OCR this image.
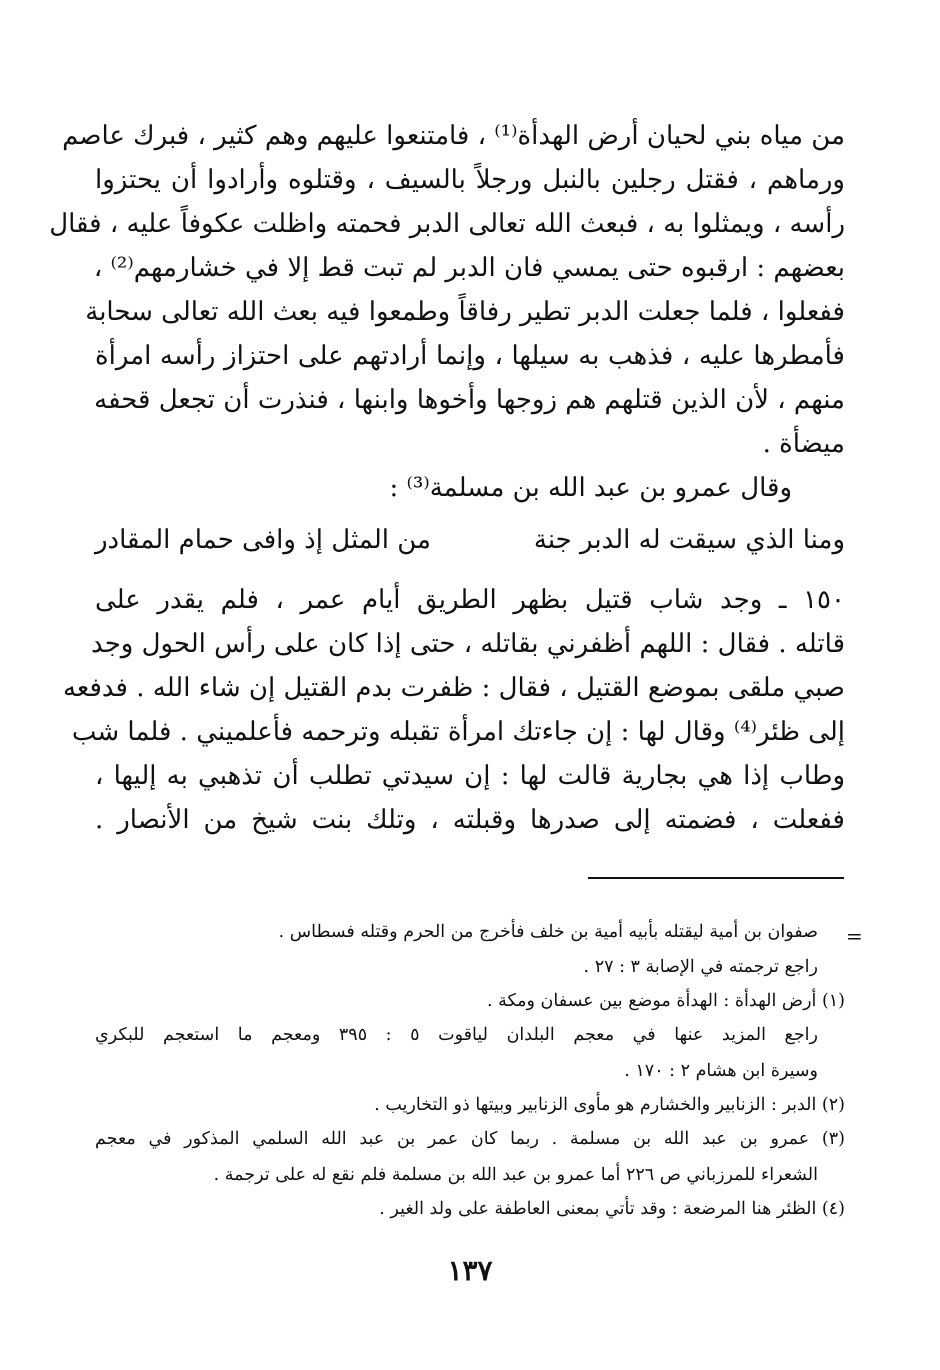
من مياه بني لحيان أرض الهدأة⁽¹⁾ ، فامتنعوا عليهم وهم كثير ، فبرك عاصم
ورماهم ، فقتل رجلين بالنبل ورجلاً بالسيف ، وقتلوه وأرادوا أن يحتزوا
رأسه ، ويمثلوا به ، فبعث الله تعالى الدبر فحمته واظلت عكوفاً عليه ، فقال
بعضهم : ارقبوه حتى يمسي فان الدبر لم تبت قط إلا في خشارمهم⁽²⁾ ،
ففعلوا ، فلما جعلت الدبر تطير رفاقاً وطمعوا فيه بعث الله تعالى سحابة
فأمطرها عليه ، فذهب به سيلها ، وإنما أرادتهم على احتزاز رأسه امرأة
منهم ، لأن الذين قتلهم هم زوجها وأخوها وابنها ، فنذرت أن تجعل قحفه
ميضأة .
وقال عمرو بن عبد الله بن مسلمة⁽³⁾ :
ومنا الذي سيقت له الدبر جنة
من المثل إذ وافى حمام المقادر
١٥٠ ـ وجد شاب قتيل بظهر الطريق أيام عمر ، فلم يقدر على
قاتله . فقال : اللهم أظفرني بقاتله ، حتى إذا كان على رأس الحول وجد
صبي ملقى بموضع القتيل ، فقال : ظفرت بدم القتيل إن شاء الله . فدفعه
إلى ظئر⁽⁴⁾ وقال لها : إن جاءتك امرأة تقبله وترحمه فأعلميني . فلما شب
وطاب إذا هي بجارية قالت لها : إن سيدتي تطلب أن تذهبي به إليها ،
ففعلت ، فضمته إلى صدرها وقبلته ، وتلك بنت شيخ من الأنصار .
=
صفوان بن أمية ليقتله بأبيه أمية بن خلف فأخرج من الحرم وقتله فسطاس .
راجع ترجمته في الإصابة ٣ : ٢٧ .
(١) أرض الهدأة : الهدأة موضع بين عسفان ومكة .
راجع المزيد عنها في معجم البلدان لياقوت ٥ : ٣٩٥ ومعجم ما استعجم للبكري
وسيرة ابن هشام ٢ : ١٧٠ .
(٢) الدبر : الزنابير والخشارم هو مأوى الزنابير وبيتها ذو التخاريب .
(٣) عمرو بن عبد الله بن مسلمة . ربما كان عمر بن عبد الله السلمي المذكور في معجم
الشعراء للمرزباني ص ٢٢٦ أما عمرو بن عبد الله بن مسلمة فلم نقع له على ترجمة .
(٤) الظئر هنا المرضعة : وقد تأتي بمعنى العاطفة على ولد الغير .
١٣٧
